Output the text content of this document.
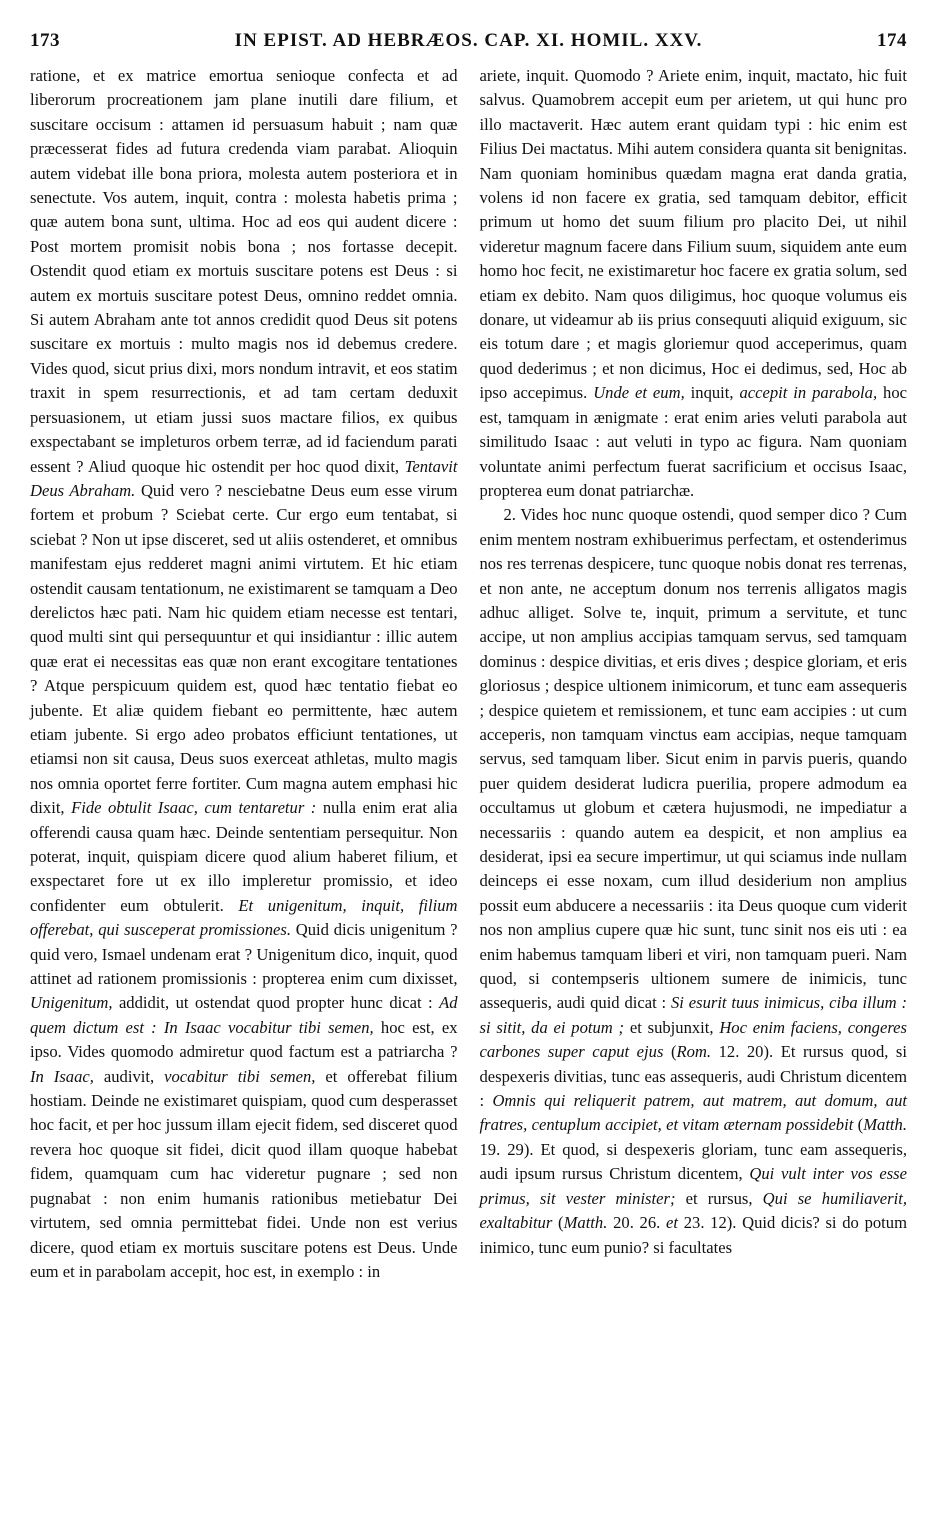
173	IN EPIST. AD HEBRÆOS. CAP. XI. HOMIL. XXV.	174

ratione, et ex matrice emortua senioque confecta et ad liberorum procreationem jam plane inutili dare filium, et suscitare occisum : attamen id persuasum habuit ; nam quæ præcesserat fides ad futura credenda viam parabat. Alioquin autem videbat ille bona priora, molesta autem posteriora et in senectute. Vos autem, inquit, contra : molesta habetis prima ; quæ autem bona sunt, ultima. Hoc ad eos qui audent dicere : Post mortem promisit nobis bona ; nos fortasse decepit. Ostendit quod etiam ex mortuis suscitare potens est Deus : si autem ex mortuis suscitare potest Deus, omnino reddet omnia. Si autem Abraham ante tot annos credidit quod Deus sit potens suscitare ex mortuis : multo magis nos id debemus credere. Vides quod, sicut prius dixi, mors nondum intravit, et eos statim traxit in spem resurrectionis, et ad tam certam deduxit persuasionem, ut etiam jussi suos mactare filios, ex quibus exspectabant se impleturos orbem terræ, ad id faciendum parati essent ? Aliud quoque hic ostendit per hoc quod dixit, Tentavit Deus Abraham. Quid vero ? nesciebatne Deus eum esse virum fortem et probum ? Sciebat certe. Cur ergo eum tentabat, si sciebat ? Non ut ipse disceret, sed ut aliis ostenderet, et omnibus manifestam ejus redderet magni animi virtutem. Et hic etiam ostendit causam tentationum, ne existimarent se tamquam a Deo derelictos hæc pati. Nam hic quidem etiam necesse est tentari, quod multi sint qui persequuntur et qui insidiantur : illic autem quæ erat ei necessitas eas quæ non erant excogitare tentationes ? Atque perspicuum quidem est, quod hæc tentatio fiebat eo jubente. Et aliæ quidem fiebant eo permittente, hæc autem etiam jubente. Si ergo adeo probatos efficiunt tentationes, ut etiamsi non sit causa, Deus suos exerceat athletas, multo magis nos omnia oportet ferre fortiter. Cum magna autem emphasi hic dixit, Fide obtulit Isaac, cum tentaretur : nulla enim erat alia offerendi causa quam hæc. Deinde sententiam persequitur. Non poterat, inquit, quispiam dicere quod alium haberet filium, et exspectaret fore ut ex illo impleretur promissio, et ideo confidenter eum obtulerit. Et unigenitum, inquit, filium offerebat, qui susceperat promissiones. Quid dicis unigenitum ? quid vero, Ismael undenam erat ? Unigenitum dico, inquit, quod attinet ad rationem promissionis : propterea enim cum dixisset, Unigenitum, addidit, ut ostendat quod propter hunc dicat : Ad quem dictum est : In Isaac vocabitur tibi semen, hoc est, ex ipso. Vides quomodo admiretur quod factum est a patriarcha ? In Isaac, audivit, vocabitur tibi semen, et offerebat filium hostiam. Deinde ne existimaret quispiam, quod cum desperasset hoc facit, et per hoc jussum illam ejecit fidem, sed disceret quod revera hoc quoque sit fidei, dicit quod illam quoque habebat fidem, quamquam cum hac videretur pugnare ; sed non pugnabat : non enim humanis rationibus metiebatur Dei virtutem, sed omnia permittebat fidei. Unde non est verius dicere, quod etiam ex mortuis suscitare potens est Deus. Unde eum et in parabolam accepit, hoc est, in exemplo : in

ariete, inquit. Quomodo ? Ariete enim, inquit, mactato, hic fuit salvus. Quamobrem accepit eum per arietem, ut qui hunc pro illo mactaverit. Hæc autem erant quidam typi : hic enim est Filius Dei mactatus. Mihi autem considera quanta sit benignitas. Nam quoniam hominibus quædam magna erat danda gratia, volens id non facere ex gratia, sed tamquam debitor, efficit primum ut homo det suum filium pro placito Dei, ut nihil videretur magnum facere dans Filium suum, siquidem ante eum homo hoc fecit, ne existimaretur hoc facere ex gratia solum, sed etiam ex debito. Nam quos diligimus, hoc quoque volumus eis donare, ut videamur ab iis prius consequuti aliquid exiguum, sic eis totum dare ; et magis gloriemur quod acceperimus, quam quod dederimus ; et non dicimus, Hoc ei dedimus, sed, Hoc ab ipso accepimus. Unde et eum, inquit, accepit in parabola, hoc est, tamquam in ænigmate : erat enim aries veluti parabola aut similitudo Isaac : aut veluti in typo ac figura. Nam quoniam voluntate animi perfectum fuerat sacrificium et occisus Isaac, propterea eum donat patriarchæ.

2. Vides hoc nunc quoque ostendi, quod semper dico ? Cum enim mentem nostram exhibuerimus perfectam, et ostenderimus nos res terrenas despicere, tunc quoque nobis donat res terrenas, et non ante, ne acceptum donum nos terrenis alligatos magis adhuc alliget. Solve te, inquit, primum a servitute, et tunc accipe, ut non amplius accipias tamquam servus, sed tamquam dominus : despice divitias, et eris dives ; despice gloriam, et eris gloriosus ; despice ultionem inimicorum, et tunc eam assequeris ; despice quietem et remissionem, et tunc eam accipies : ut cum acceperis, non tamquam vinctus eam accipias, neque tamquam servus, sed tamquam liber. Sicut enim in parvis pueris, quando puer quidem desiderat ludicra puerilia, propere admodum ea occultamus ut globum et cætera hujusmodi, ne impediatur a necessariis : quando autem ea despicit, et non amplius ea desiderat, ipsi ea secure impertimur, ut qui sciamus inde nullam deinceps ei esse noxam, cum illud desiderium non amplius possit eum abducere a necessariis : ita Deus quoque cum viderit nos non amplius cupere quæ hic sunt, tunc sinit nos eis uti : ea enim habemus tamquam liberi et viri, non tamquam pueri. Nam quod, si contempseris ultionem sumere de inimicis, tunc assequeris, audi quid dicat : Si esurit tuus inimicus, ciba illum : si sitit, da ei potum ; et subjunxit, Hoc enim faciens, congeres carbones super caput ejus (Rom. 12. 20). Et rursus quod, si despexeris divitias, tunc eas assequeris, audi Christum dicentem : Omnis qui reliquerit patrem, aut matrem, aut domum, aut fratres, centuplum accipiet, et vitam æternam possidebit (Matth. 19. 29). Et quod, si despexeris gloriam, tunc eam assequeris, audi ipsum rursus Christum dicentem, Qui vult inter vos esse primus, sit vester minister; et rursus, Qui se humiliaverit, exaltabitur (Matth. 20. 26. et 23. 12). Quid dicis? si do potum inimico, tunc eum punio? si facultates
